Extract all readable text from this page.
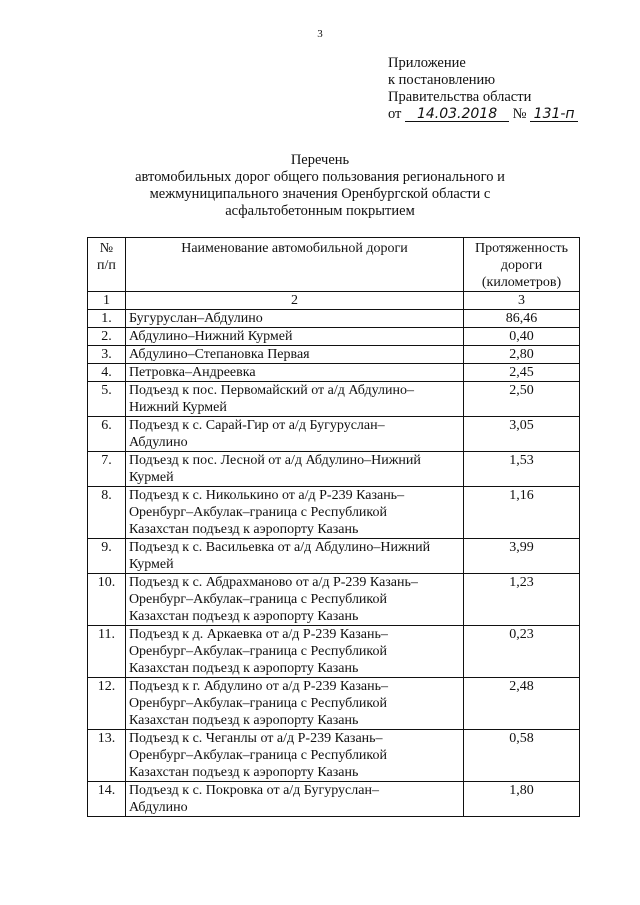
3
Приложение
к постановлению
Правительства области
от 14.03.2018 № 131-п
Перечень
автомобильных дорог общего пользования регионального и
межмуниципального значения Оренбургской области с
асфальтобетонным покрытием
№
п/п	Наименование автомобильной дороги	Протяженность
дороги
(километров)
1	2	3
1.	Бугуруслан–Абдулино	86,46
2.	Абдулино–Нижний Курмей	0,40
3.	Абдулино–Степановка Первая	2,80
4.	Петровка–Андреевка	2,45
5.	Подъезд к пос. Первомайский от а/д Абдулино–
Нижний Курмей	2,50
6.	Подъезд к с. Сарай-Гир от а/д Бугуруслан–
Абдулино	3,05
7.	Подъезд к пос. Лесной от а/д Абдулино–Нижний
Курмей	1,53
8.	Подъезд к с. Николькино от а/д Р-239 Казань–
Оренбург–Акбулак–граница с Республикой
Казахстан подъезд к аэропорту Казань	1,16
9.	Подъезд к с. Васильевка от а/д Абдулино–Нижний
Курмей	3,99
10.	Подъезд к с. Абдрахманово от а/д Р-239 Казань–
Оренбург–Акбулак–граница с Республикой
Казахстан подъезд к аэропорту Казань	1,23
11.	Подъезд к д. Аркаевка от а/д Р-239 Казань–
Оренбург–Акбулак–граница с Республикой
Казахстан подъезд к аэропорту Казань	0,23
12.	Подъезд к г. Абдулино от а/д Р-239 Казань–
Оренбург–Акбулак–граница с Республикой
Казахстан подъезд к аэропорту Казань	2,48
13.	Подъезд к с. Чеганлы от а/д Р-239 Казань–
Оренбург–Акбулак–граница с Республикой
Казахстан подъезд к аэропорту Казань	0,58
14.	Подъезд к с. Покровка от а/д Бугуруслан–
Абдулино	1,80
